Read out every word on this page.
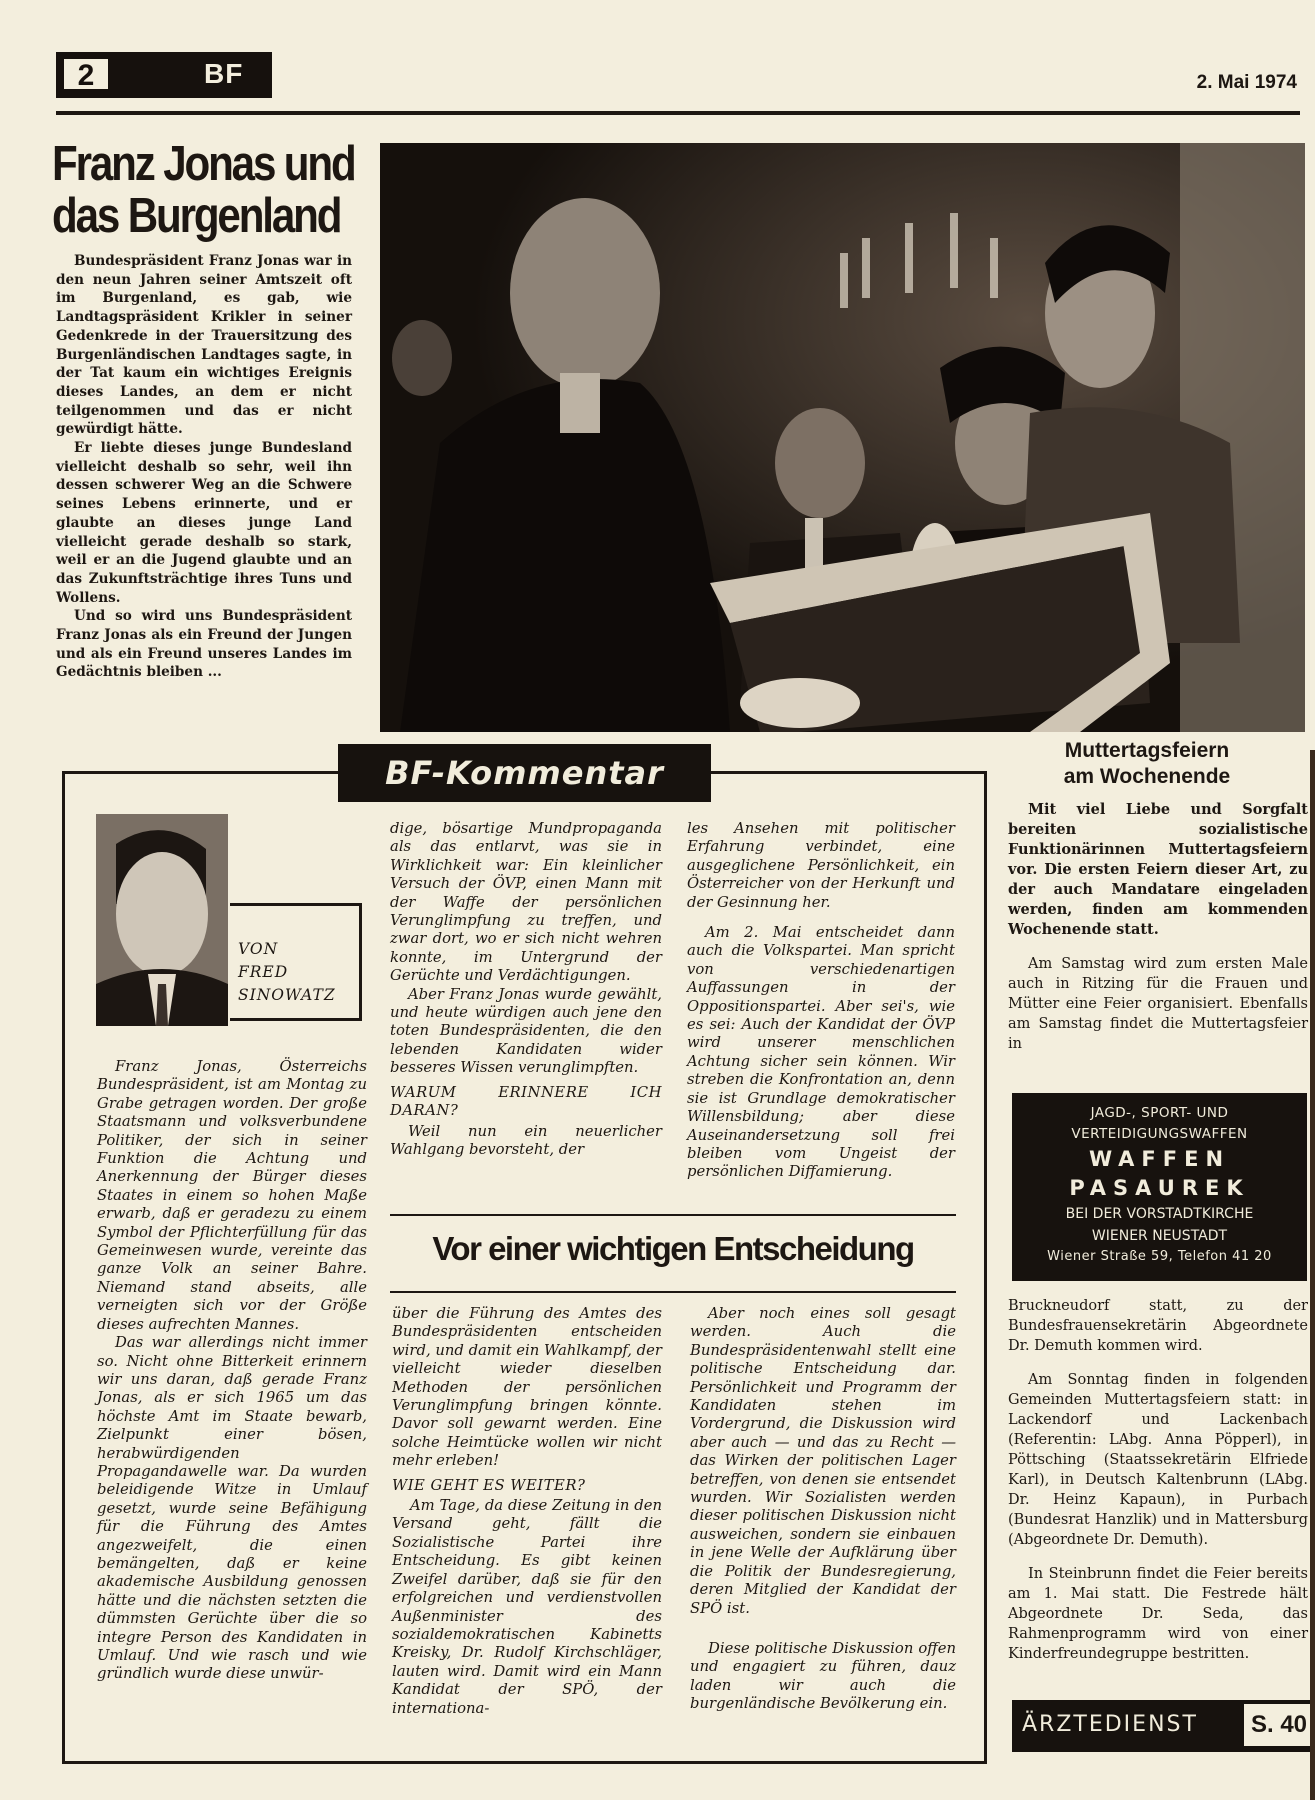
2	BF	2. Mai 1974
Franz Jonas und
das Burgenland

Bundespräsident Franz Jonas war in den neun Jahren seiner Amtszeit oft im Burgenland, es gab, wie Landtagspräsident Krikler in seiner Gedenkrede in der Trauersitzung des Burgenländischen Landtages sagte, in der Tat kaum ein wichtiges Ereignis dieses Landes, an dem er nicht teilgenommen und das er nicht gewürdigt hätte.

Er liebte dieses junge Bundesland vielleicht deshalb so sehr, weil ihn dessen schwerer Weg an die Schwere seines Lebens erinnerte, und er glaubte an dieses junge Land vielleicht gerade deshalb so stark, weil er an die Jugend glaubte und an das Zukunftsträchtige ihres Tuns und Wollens.

Und so wird uns Bundespräsident Franz Jonas als ein Freund der Jungen und als ein Freund unseres Landes im Gedächtnis bleiben ...

BF-Kommentar
VON
FRED
SINOWATZ

Franz Jonas, Österreichs Bundespräsident, ist am Montag zu Grabe getragen worden. Der große Staatsmann und volksverbundene Politiker, der sich in seiner Funktion die Achtung und Anerkennung der Bürger dieses Staates in einem so hohen Maße erwarb, daß er geradezu zu einem Symbol der Pflichterfüllung für das Gemeinwesen wurde, vereinte das ganze Volk an seiner Bahre. Niemand stand abseits, alle verneigten sich vor der Größe dieses aufrechten Mannes.

Das war allerdings nicht immer so. Nicht ohne Bitterkeit erinnern wir uns daran, daß gerade Franz Jonas, als er sich 1965 um das höchste Amt im Staate bewarb, Zielpunkt einer bösen, herabwürdigenden Propagandawelle war. Da wurden beleidigende Witze in Umlauf gesetzt, wurde seine Befähigung für die Führung des Amtes angezweifelt, die einen bemängelten, daß er keine akademische Ausbildung genossen hätte und die nächsten setzten die dümmsten Gerüchte über die so integre Person des Kandidaten in Umlauf. Und wie rasch und wie gründlich wurde diese unwür-

dige, bösartige Mundpropaganda als das entlarvt, was sie in Wirklichkeit war: Ein kleinlicher Versuch der ÖVP, einen Mann mit der Waffe der persönlichen Verunglimpfung zu treffen, und zwar dort, wo er sich nicht wehren konnte, im Untergrund der Gerüchte und Verdächtigungen.

Aber Franz Jonas wurde gewählt, und heute würdigen auch jene den toten Bundespräsidenten, die den lebenden Kandidaten wider besseres Wissen verunglimpften.

WARUM ERINNERE ICH DARAN?

Weil nun ein neuerlicher Wahlgang bevorsteht, der

les Ansehen mit politischer Erfahrung verbindet, eine ausgeglichene Persönlichkeit, ein Österreicher von der Herkunft und der Gesinnung her.

Am 2. Mai entscheidet dann auch die Volkspartei. Man spricht von verschiedenartigen Auffassungen in der Oppositionspartei. Aber sei's, wie es sei: Auch der Kandidat der ÖVP wird unserer menschlichen Achtung sicher sein können. Wir streben die Konfrontation an, denn sie ist Grundlage demokratischer Willensbildung; aber diese Auseinandersetzung soll frei bleiben vom Ungeist der persönlichen Diffamierung.

Vor einer wichtigen Entscheidung

über die Führung des Amtes des Bundespräsidenten entscheiden wird, und damit ein Wahlkampf, der vielleicht wieder dieselben Methoden der persönlichen Verunglimpfung bringen könnte. Davor soll gewarnt werden. Eine solche Heimtücke wollen wir nicht mehr erleben!

WIE GEHT ES WEITER?

Am Tage, da diese Zeitung in den Versand geht, fällt die Sozialistische Partei ihre Entscheidung. Es gibt keinen Zweifel darüber, daß sie für den erfolgreichen und verdienstvollen Außenminister des sozialdemokratischen Kabinetts Kreisky, Dr. Rudolf Kirchschläger, lauten wird. Damit wird ein Mann Kandidat der SPÖ, der internationa-

Aber noch eines soll gesagt werden. Auch die Bundespräsidentenwahl stellt eine politische Entscheidung dar. Persönlichkeit und Programm der Kandidaten stehen im Vordergrund, die Diskussion wird aber auch — und das zu Recht — das Wirken der politischen Lager betreffen, von denen sie entsendet wurden. Wir Sozialisten werden dieser politischen Diskussion nicht ausweichen, sondern sie einbauen in jene Welle der Aufklärung über die Politik der Bundesregierung, deren Mitglied der Kandidat der SPÖ ist.

Diese politische Diskussion offen und engagiert zu führen, dauz laden wir auch die burgenländische Bevölkerung ein.

Muttertagsfeiern
am Wochenende

Mit viel Liebe und Sorgfalt bereiten sozialistische Funktionärinnen Muttertagsfeiern vor. Die ersten Feiern dieser Art, zu der auch Mandatare eingeladen werden, finden am kommenden Wochenende statt.

Am Samstag wird zum ersten Male auch in Ritzing für die Frauen und Mütter eine Feier organisiert. Ebenfalls am Samstag findet die Muttertagsfeier in

JAGD-, SPORT- UND
VERTEIDIGUNGSWAFFEN
WAFFEN
PASAUREK
BEI DER VORSTADTKIRCHE
WIENER NEUSTADT
Wiener Straße 59, Telefon 41 20

Bruckneudorf statt, zu der Bundesfrauensekretärin Abgeordnete Dr. Demuth kommen wird.

Am Sonntag finden in folgenden Gemeinden Muttertagsfeiern statt: in Lackendorf und Lackenbach (Referentin: LAbg. Anna Pöpperl), in Pöttsching (Staatssekretärin Elfriede Karl), in Deutsch Kaltenbrunn (LAbg. Dr. Heinz Kapaun), in Purbach (Bundesrat Hanzlik) und in Mattersburg (Abgeordnete Dr. Demuth).

In Steinbrunn findet die Feier bereits am 1. Mai statt. Die Festrede hält Abgeordnete Dr. Seda, das Rahmenprogramm wird von einer Kinderfreundegruppe bestritten.

ÄRZTEDIENST S. 40
